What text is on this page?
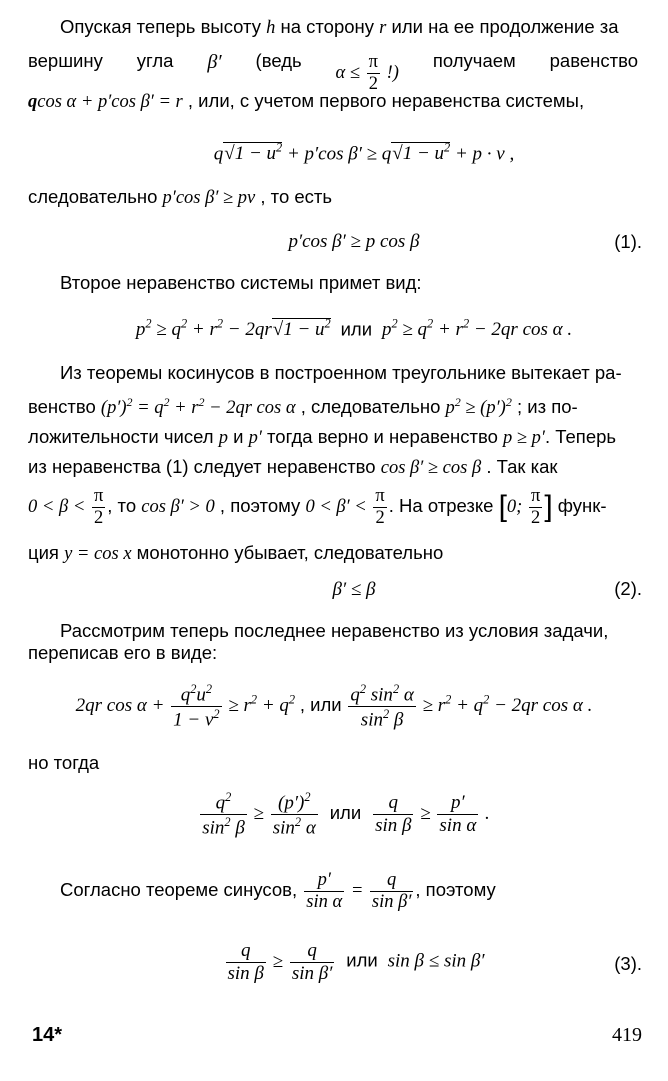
Опуская теперь высоту h на сторону r или на ее продолжение за
вершину угла β′ (ведь
$\alpha \le \frac{\pi}{2}$ !)
получаем равенство
qcos α + p′cos β′ = r , или, с учетом первого неравенства системы,
$q√1 - u^2 + p'\cos$ $\beta' \ge q√1 - u^2 + p \cdot v$ ,
следовательно p′cos β′ ≥ pv , то есть
p′cos β′ ≥ p cos β	(1).
Второе неравенство системы примет вид:
$p^2 \ge q^2 + r^2 - 2qr√1 - u^2$  или  $p^2 \ge q^2 + r^2 - 2qr$ cos α .
Из теоремы косинусов в построенном треугольнике вытекает ра-
венство $(p')^2 = q^2 + r^2 - 2qr$ cos α , следовательно $p^2 \ge (p')^2$ ; из по-
ложительности чисел p и p′ тогда верно и неравенство p ≥ p′. Теперь
из неравенства (1) следует неравенство cos β′ ≥ cos β . Так как
$0 < \beta < \frac{\pi}{2}$ , то cos β′ > 0 , поэтому $0 < \beta' < \frac{\pi}{2}$ . На отрезке [0; $\frac{\pi}{2}$ ] функ-
ция y = cos x монотонно убывает, следовательно
β′ ≤ β	(2).
Рассмотрим теперь последнее неравенство из условия задачи,
переписав его в виде:
2qr $\cos \alpha + \frac{q^2u^2}{1 - v^2} \ge r^2 + q^2$ , или $\frac{q^2 \sin^2 \alpha}{\sin^2 \beta} \ge r^2 + q^2 - 2qr$ cos α .
но тогда
$\frac{q^2}{\sin^2 \beta} \ge \frac{(p')^2}{\sin^2 \alpha}$ или $\frac{q}{\text{sin β}} \ge \frac{p'}{\text{sin α}}$ .
Согласно теореме синусов, $\frac{p'}{\text{sin α}} = \frac{q}{\text{sin β′}}$ , поэтому
$\frac{q}{\text{sin β}} \ge \frac{q}{\text{sin β′}}$ или  sin β ≤ sin β′	(3).
14*	419
